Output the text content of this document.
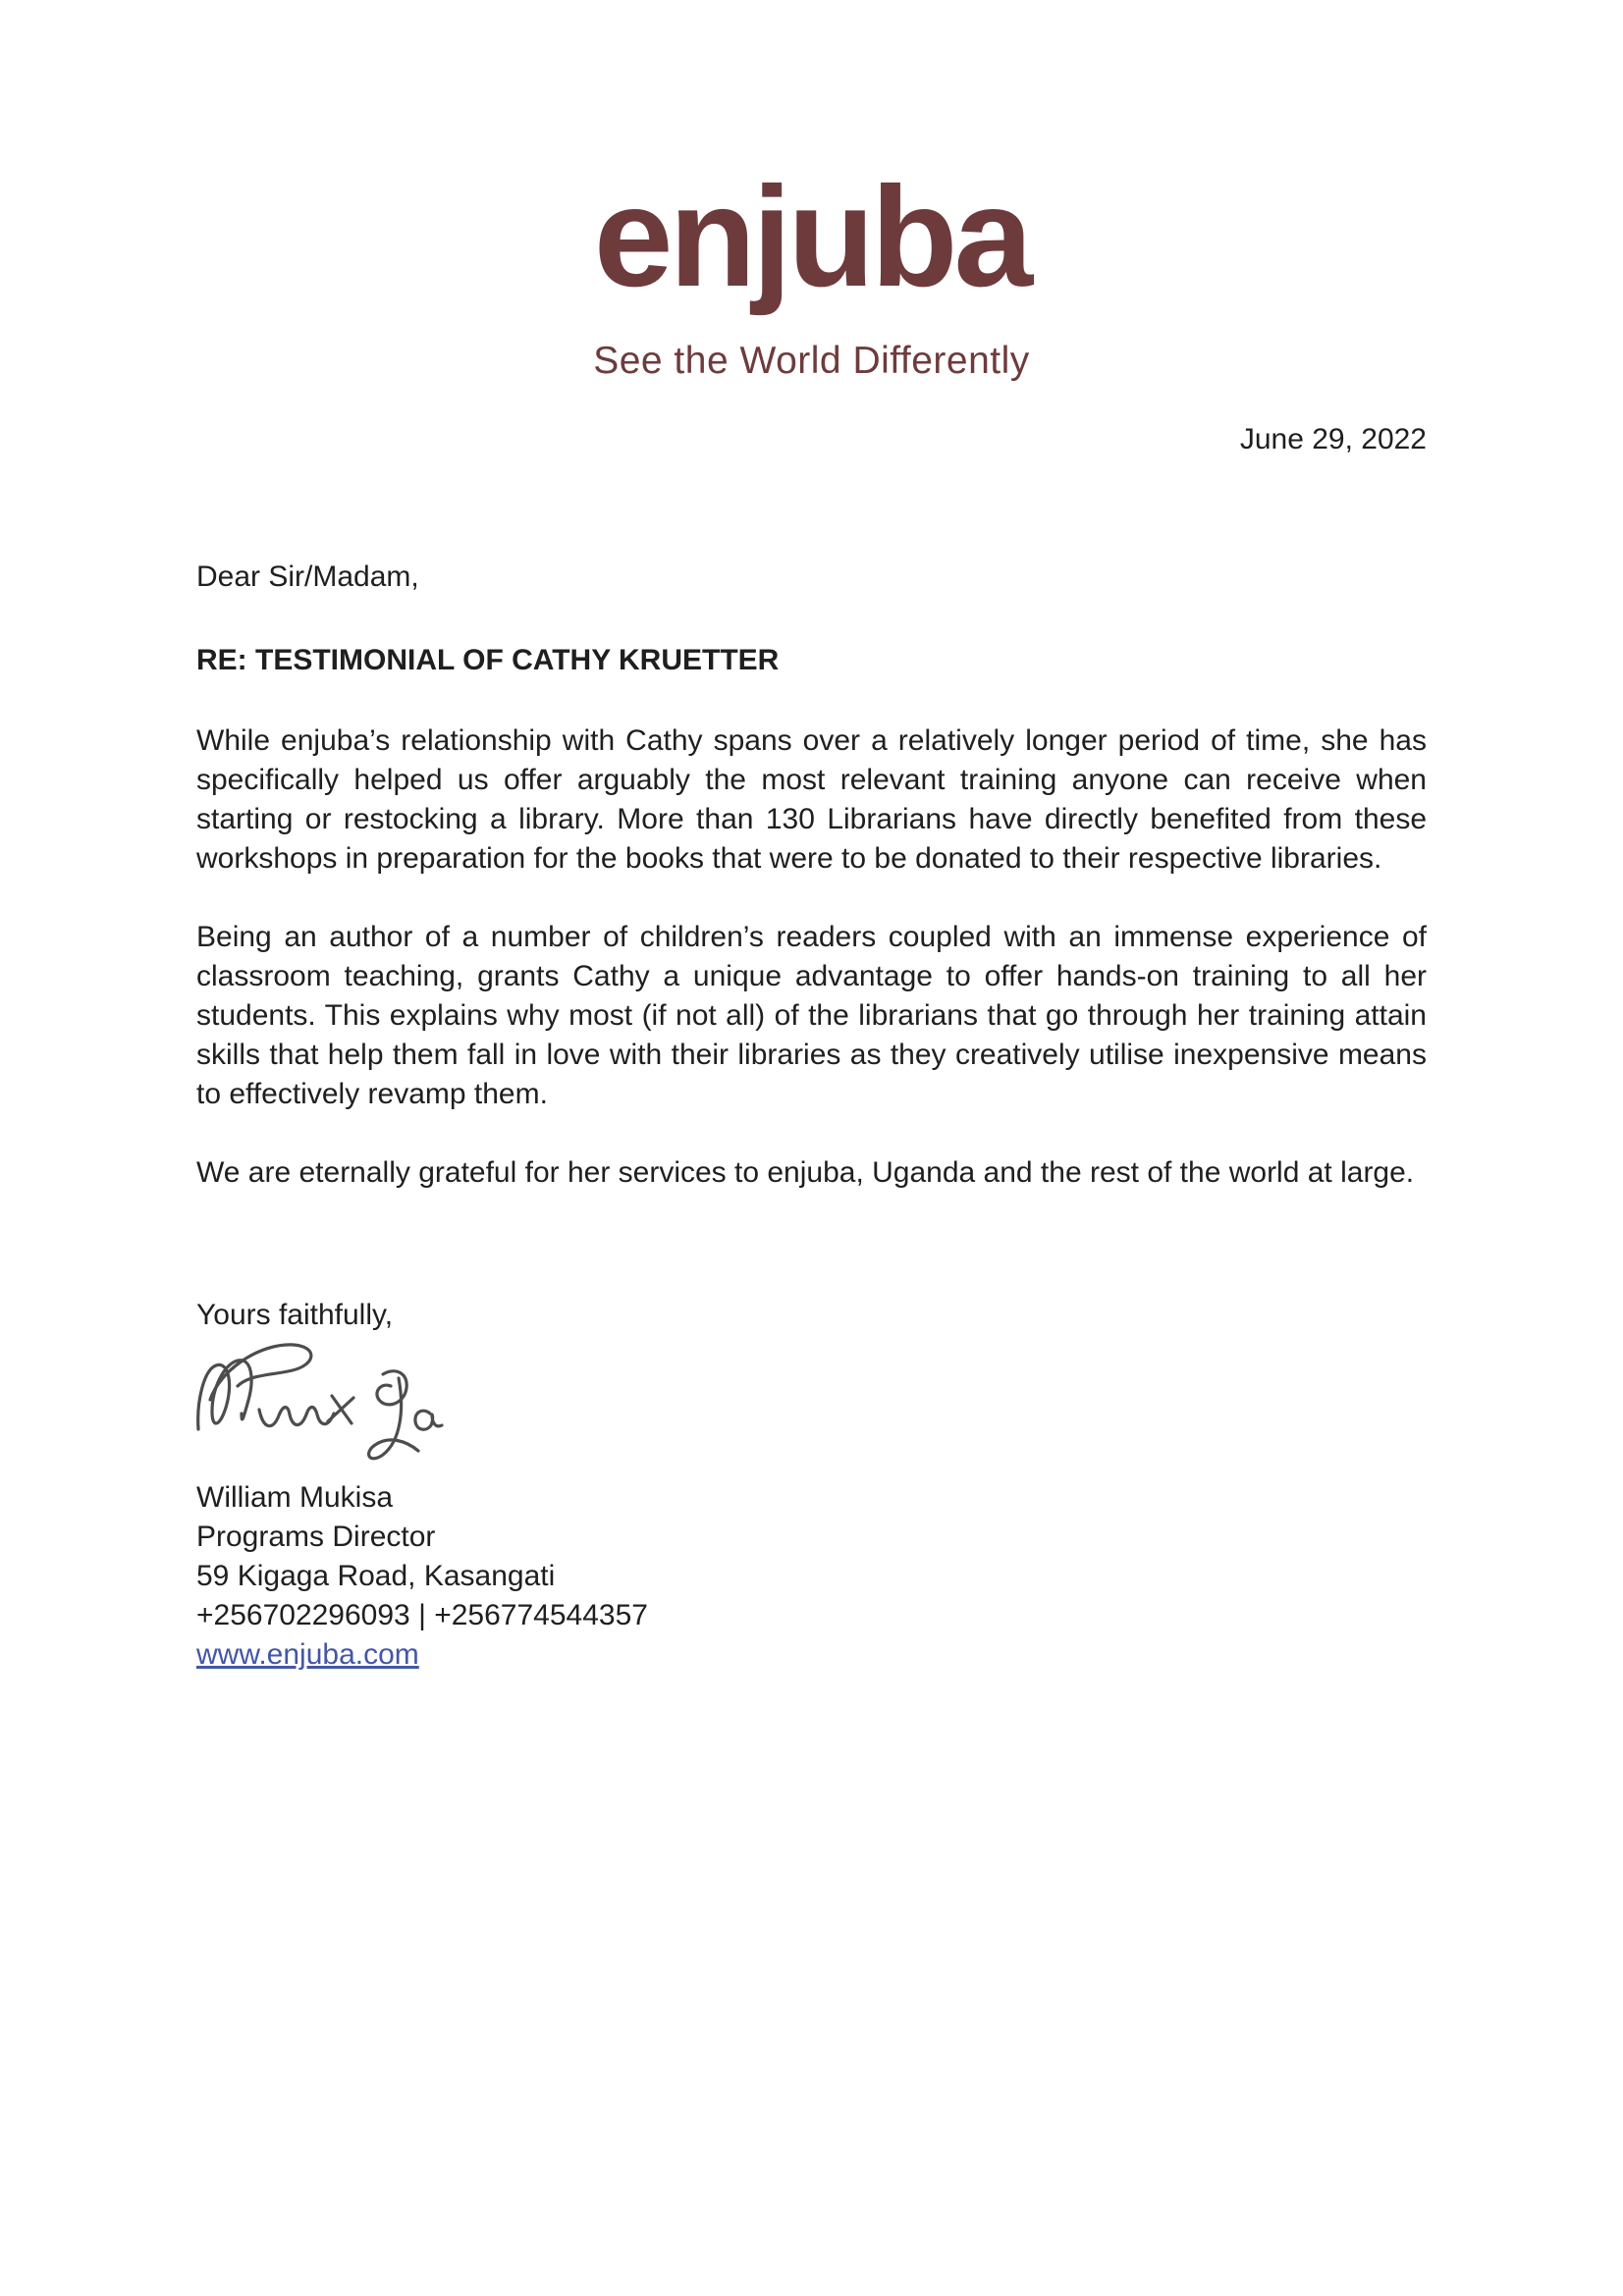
enjuba
See the World Differently
June 29, 2022
Dear Sir/Madam,
RE: TESTIMONIAL OF CATHY KRUETTER

While enjuba’s relationship with Cathy spans over a relatively longer period of time, she has specifically helped us offer arguably the most relevant training anyone can receive when starting or restocking a library. More than 130 Librarians have directly benefited from these workshops in preparation for the books that were to be donated to their respective libraries.

Being an author of a number of children’s readers coupled with an immense experience of classroom teaching, grants Cathy a unique advantage to offer hands-on training to all her students. This explains why most (if not all) of the librarians that go through her training attain skills that help them fall in love with their libraries as they creatively utilise inexpensive means to effectively revamp them.

We are eternally grateful for her services to enjuba, Uganda and the rest of the world at large.

Yours faithfully,
William Mukisa
Programs Director
59 Kigaga Road, Kasangati
+256702296093 | +256774544357
www.enjuba.com
